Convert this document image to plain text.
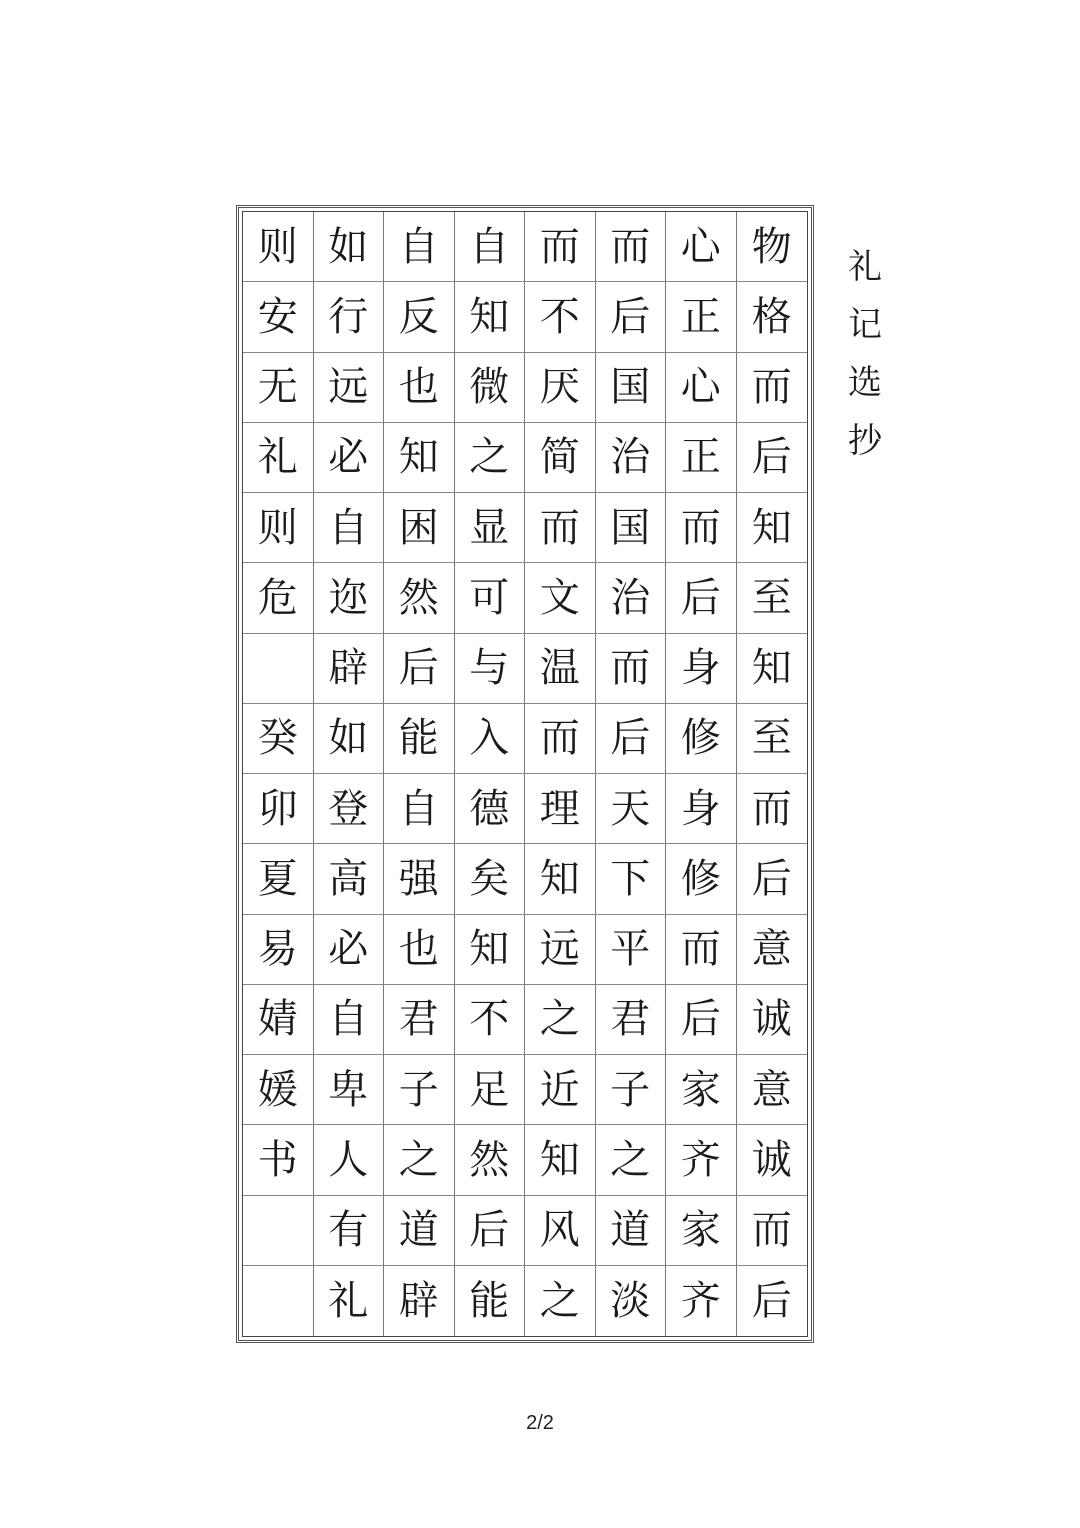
则
安
无
礼
则
危
癸
卯
夏
易
婧
媛
书
如
行
远
必
自
迩
辟
如
登
高
必
自
卑
人
有
礼
自
反
也
知
困
然
后
能
自
强
也
君
子
之
道
辟
自
知
微
之
显
可
与
入
德
矣
知
不
足
然
后
能
而
不
厌
简
而
文
温
而
理
知
远
之
近
知
风
之
而
后
国
治
国
治
而
后
天
下
平
君
子
之
道
淡
心
正
心
正
而
后
身
修
身
修
而
后
家
齐
家
齐
物
格
而
后
知
至
知
至
而
后
意
诚
意
诚
而
后
礼
记
选
抄
2/2
